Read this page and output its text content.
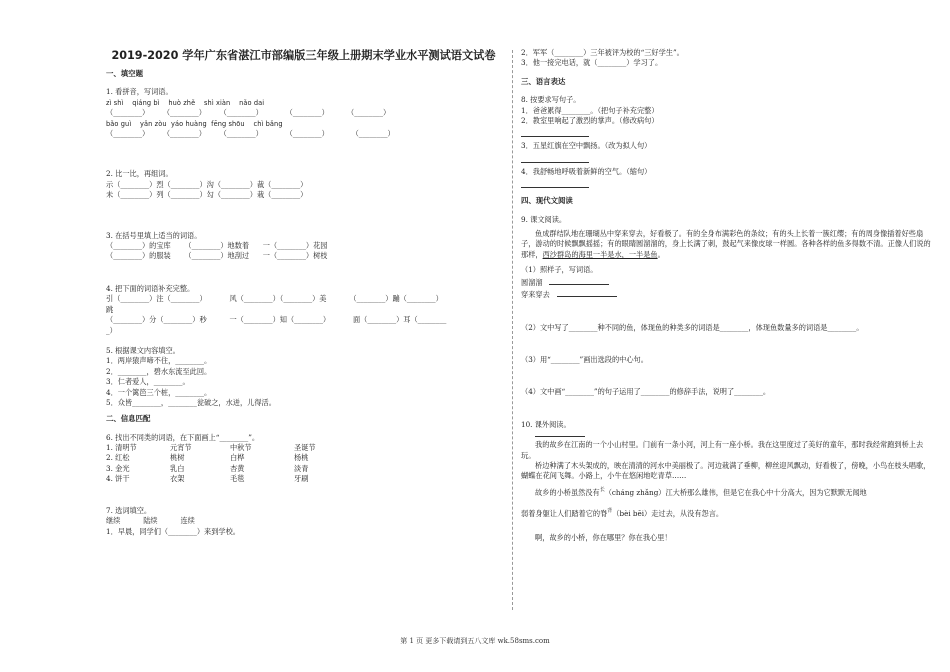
2019-2020 学年广东省湛江市部编版三年级上册期末学业水平测试语文试卷
一、填空题
1. 看拼音，写词语。
zì shì    qiáng bì    huò zhě    shì xiàn    nǎo dai
（________）      （________）      （________）          （________）        （________）
bǎo guì    yǎn zòu  yáo huàng  fēng shōu    chì bǎng
（________）      （________）      （________）          （________）          （________）
2. 比一比，再组词。
示（________）烈（________）沟（________）裁（________）
未（________）列（________）勾（________）栽（________）
3. 在括号里填上适当的词语。
（________）的宝库      （________）地数着      一（________）花园
（________）的服装      （________）地刮过      一（________）树枝
4. 把下面的词语补充完整。
引（________）注（________）          风（________）（________）美          （________）蹦（________）
跳
（________）分（________）秒          一（________）知（________）          面（________）耳（________
_）
5. 根据课文内容填空。
1．两岸猿声啼不住，________。
2．________，碧水东流至此回。
3．仁者爱人，________。
4．一个篱笆三个桩，________。
5．众皆________，________瓮破之，水迸，儿得活。
二、信息匹配
6. 找出不同类的词语，在下面画上“________”。
1. 清明节	元宵节	中秋节	圣诞节
2. 红松	桃树	白桦	杨桃
3. 金光	乳白	杏黄	淡青
4. 饼干	衣架	毛毯	牙刷
7. 选词填空。
继续          陆续          连续
1．早晨，同学们（________）来到学校。
2．军军（________）三年被评为校的“三好学生”。
3．他一接完电话，就（________）学习了。
三、语言表达
8. 按要求写句子。
1．爸爸累得________。（把句子补充完整）
2．教室里响起了激烈的掌声。（修改病句）
3．五星红旗在空中飘扬。（改为拟人句）
4．我舒畅地呼吸着新鲜的空气。（缩句）
四、现代文阅读
9. 课文阅读。
鱼成群结队地在珊瑚丛中穿来穿去，好看极了。有的全身布满彩色的条纹；有的头上长着一簇红缨；有的周身像插着好些扇子，游动的时候飘飘摇摇；有的眼睛圆溜溜的，身上长满了刺，鼓起气来像皮球一样圆。各种各样的鱼多得数不清。正像人们说的那样，西沙群岛的海里一半是水，一半是鱼。
（1）照样子，写词语。
圆溜溜
穿来穿去
（2）文中写了________种不同的鱼，体现鱼的种类多的词语是________，体现鱼数量多的词语是________。
（3）用“________”画出选段的中心句。
（4）文中画“________”的句子运用了________的修辞手法，说明了________。
10. 课外阅读。
我的故乡在江南的一个小山村里。门前有一条小河，河上有一座小桥。我在这里度过了美好的童年，那时我经常跑到桥上去玩。
桥边种满了木头架成的，映在清清的河水中美丽极了。河边栽满了垂柳，柳丝迎风飘动，好看极了，傍晚，小鸟在枝头唱歌，蝴蝶在花间飞舞。小路上，小牛在悠闲地吃青草……
故乡的小桥虽然没有$^长$（cháng zhǎng）江大桥那么雄伟，但是它在我心中十分高大，因为它默默无闻地
弱着身躯让人们踏着它的脊$^背$（bèi bēi）走过去，从没有怨言。
啊，故乡的小桥，你在哪里？你在我心里！
第 1 页 更多下载请到五八文库 wk.58sms.com
